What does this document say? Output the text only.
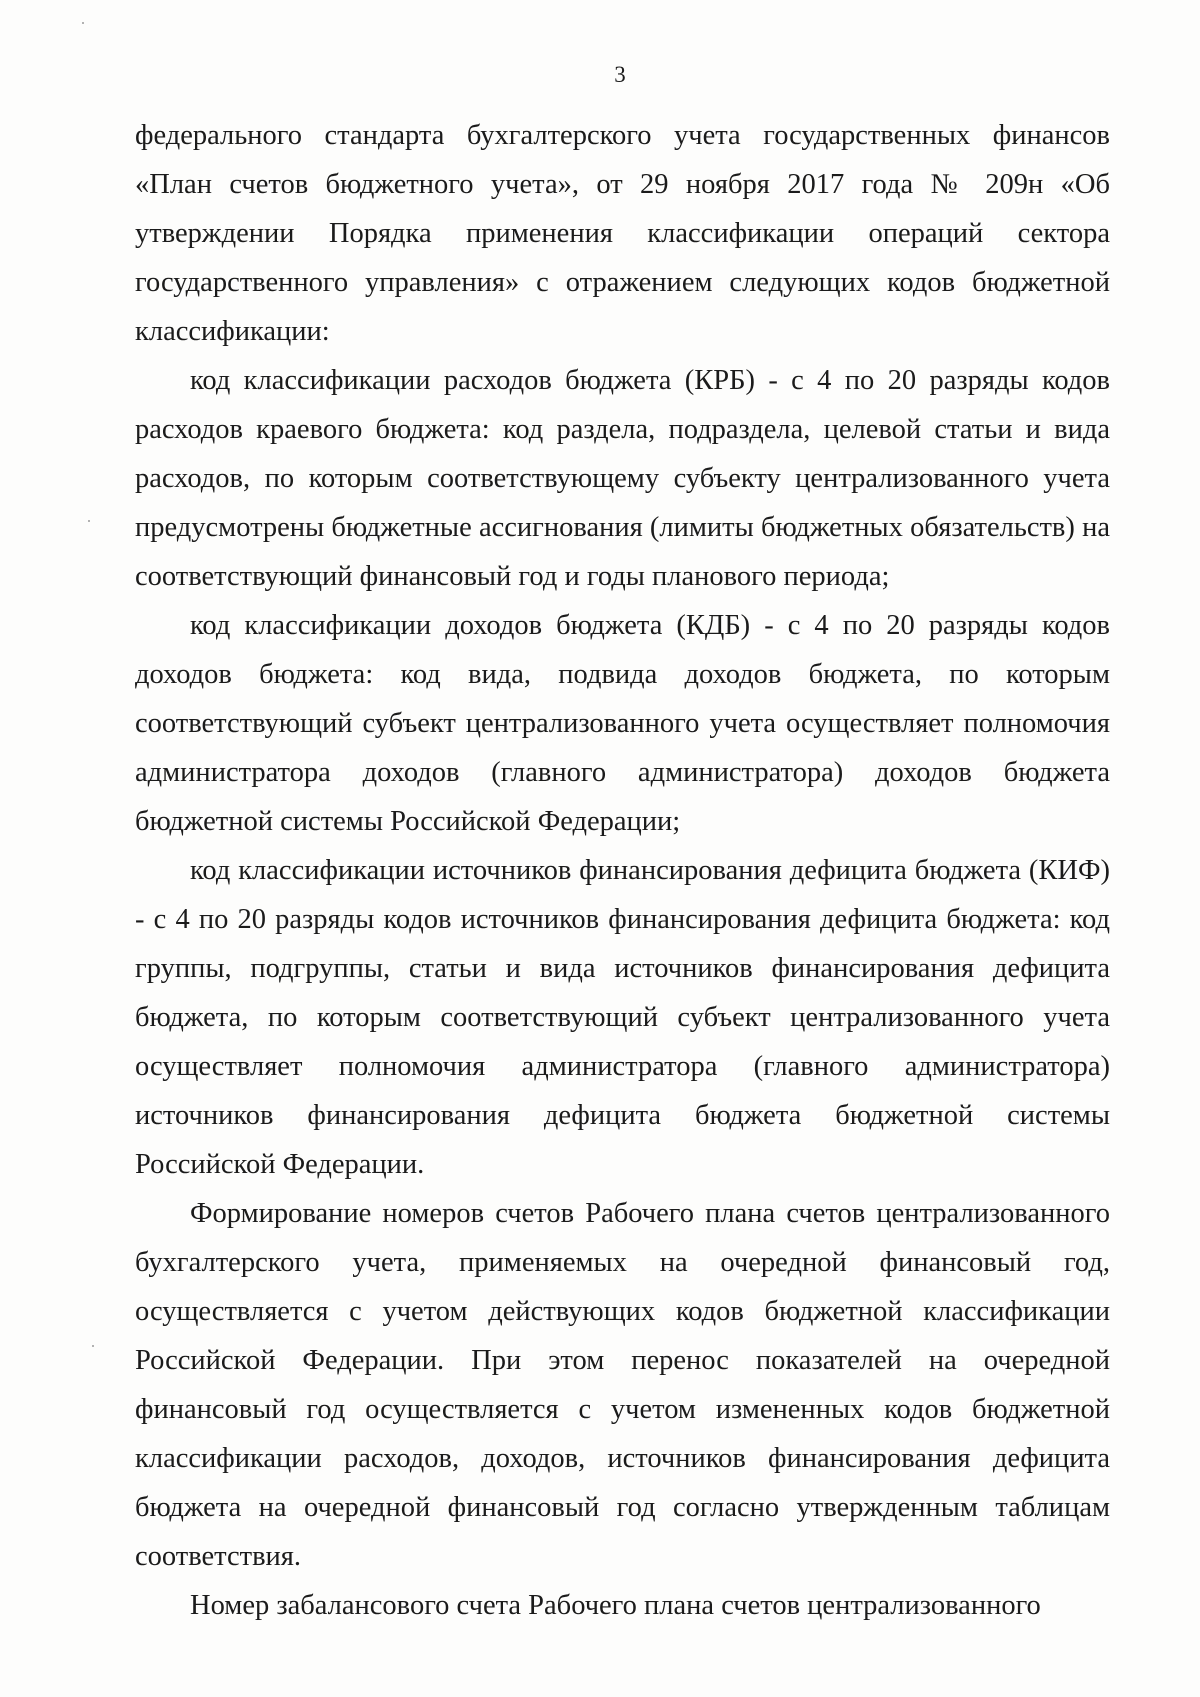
3

федерального стандарта бухгалтерского учета государственных финансов «План счетов бюджетного учета», от 29 ноября 2017 года № 209н «Об утверждении Порядка применения классификации операций сектора государственного управления» с отражением следующих кодов бюджетной классификации:

код классификации расходов бюджета (КРБ) - с 4 по 20 разряды кодов расходов краевого бюджета: код раздела, подраздела, целевой статьи и вида расходов, по которым соответствующему субъекту централизованного учета предусмотрены бюджетные ассигнования (лимиты бюджетных обязательств) на соответствующий финансовый год и годы планового периода;

код классификации доходов бюджета (КДБ) - с 4 по 20 разряды кодов доходов бюджета: код вида, подвида доходов бюджета, по которым соответствующий субъект централизованного учета осуществляет полномочия администратора доходов (главного администратора) доходов бюджета бюджетной системы Российской Федерации;

код классификации источников финансирования дефицита бюджета (КИФ) - с 4 по 20 разряды кодов источников финансирования дефицита бюджета: код группы, подгруппы, статьи и вида источников финансирования дефицита бюджета, по которым соответствующий субъект централизованного учета осуществляет полномочия администратора (главного администратора) источников финансирования дефицита бюджета бюджетной системы Российской Федерации.

Формирование номеров счетов Рабочего плана счетов централизованного бухгалтерского учета, применяемых на очередной финансовый год, осуществляется с учетом действующих кодов бюджетной классификации Российской Федерации. При этом перенос показателей на очередной финансовый год осуществляется с учетом измененных кодов бюджетной классификации расходов, доходов, источников финансирования дефицита бюджета на очередной финансовый год согласно утвержденным таблицам соответствия.

Номер забалансового счета Рабочего плана счетов централизованного
